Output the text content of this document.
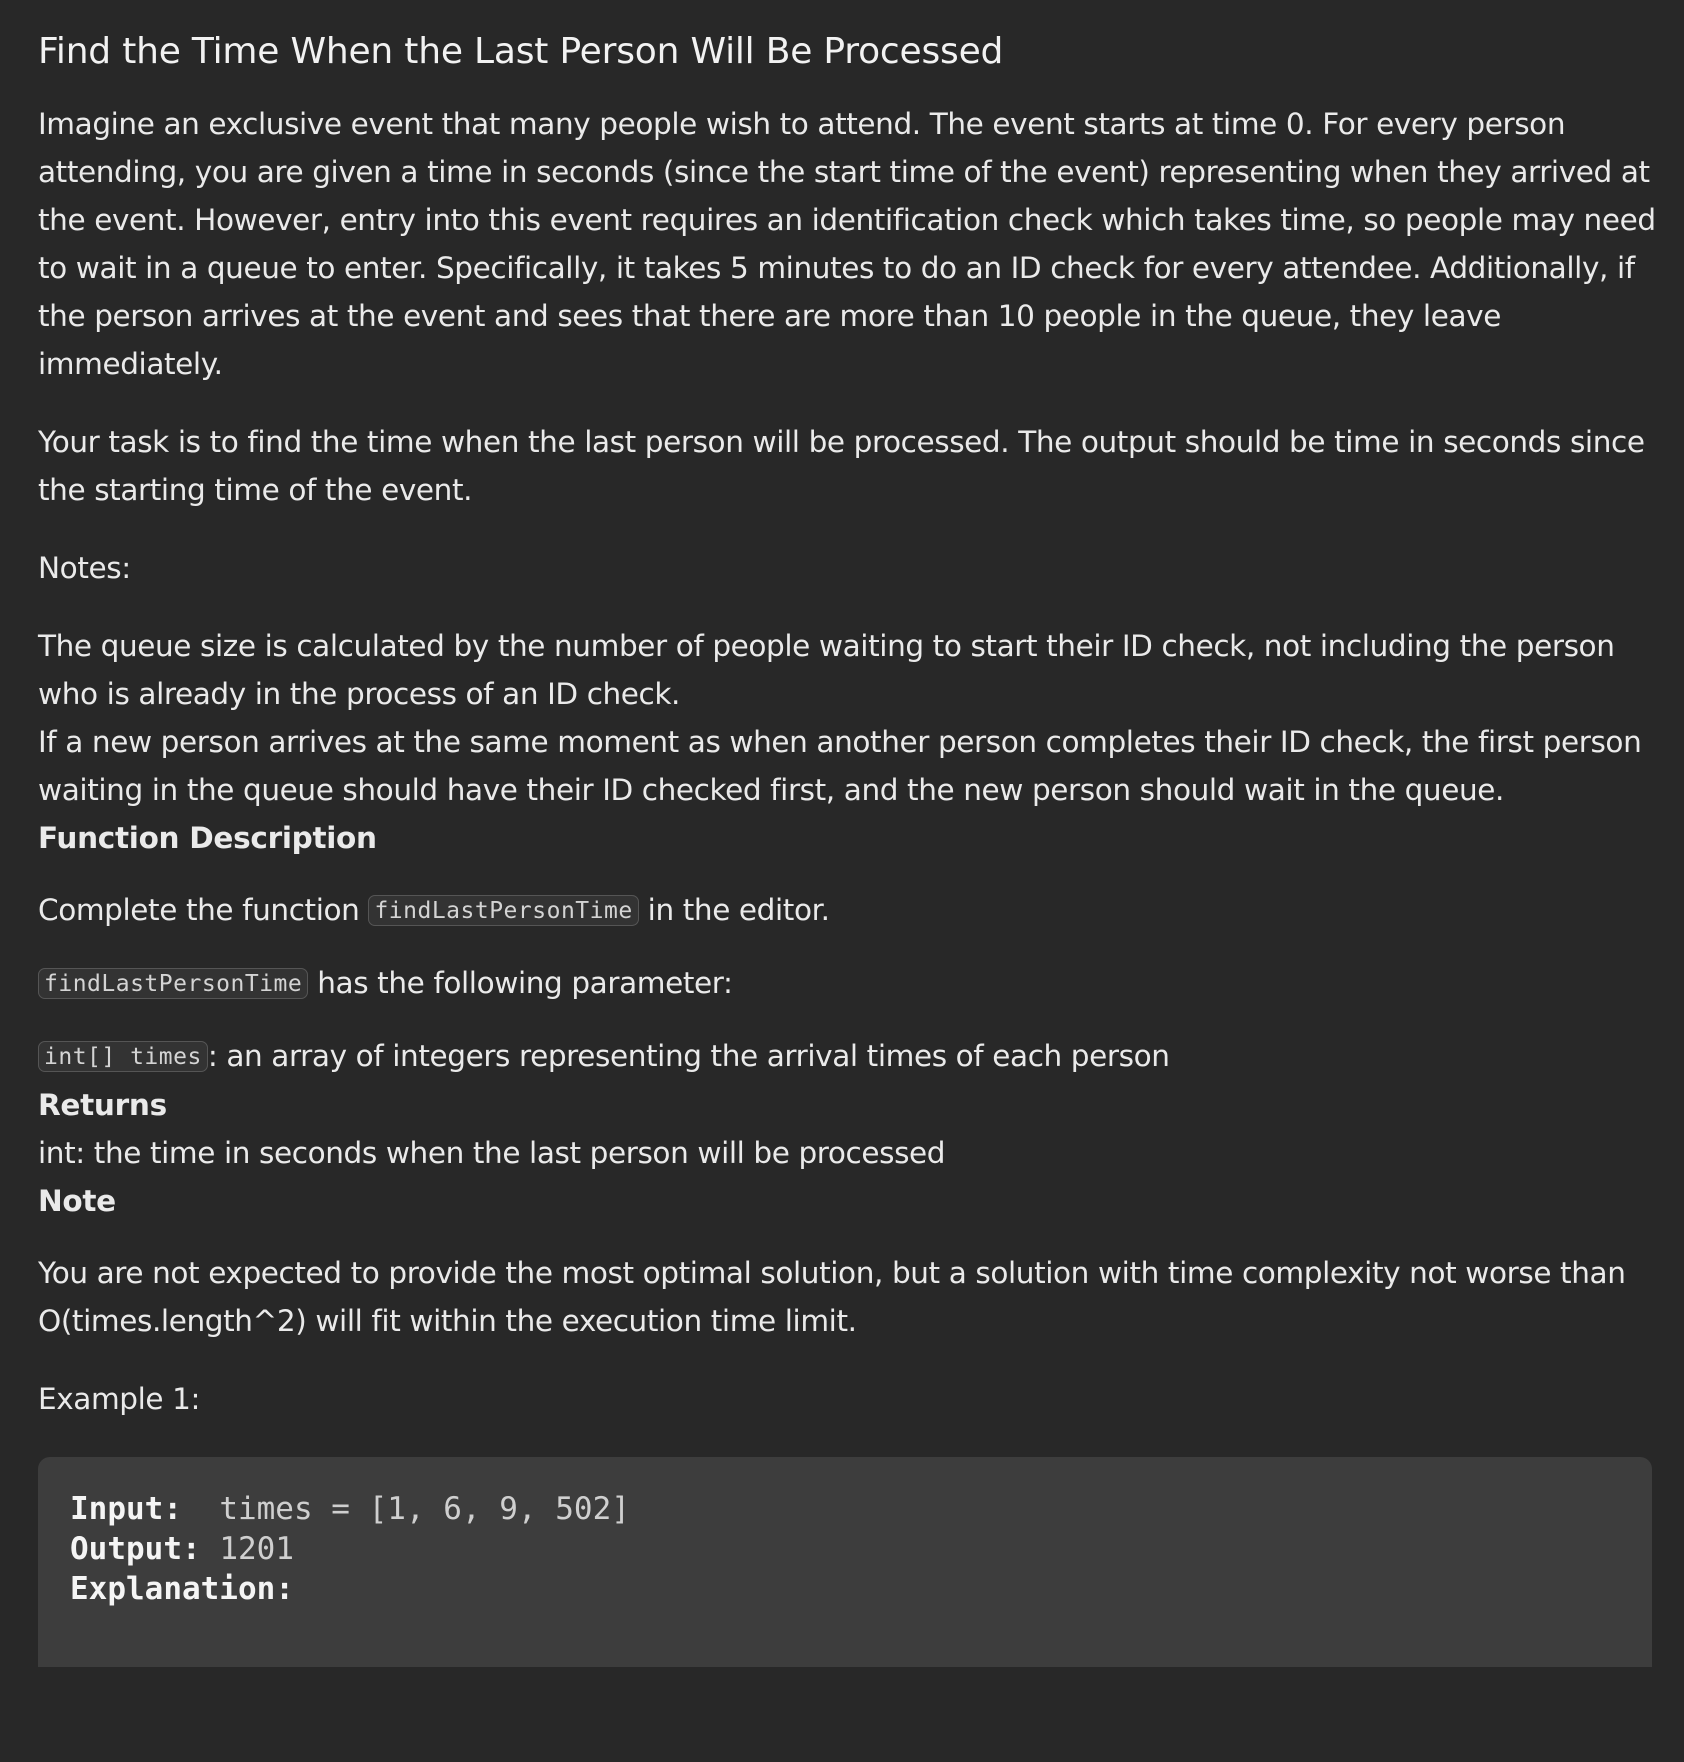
Find the Time When the Last Person Will Be Processed

Imagine an exclusive event that many people wish to attend. The event starts at time 0. For every person attending, you are given a time in seconds (since the start time of the event) representing when they arrived at the event. However, entry into this event requires an identification check which takes time, so people may need to wait in a queue to enter. Specifically, it takes 5 minutes to do an ID check for every attendee. Additionally, if the person arrives at the event and sees that there are more than 10 people in the queue, they leave immediately.

Your task is to find the time when the last person will be processed. The output should be time in seconds since the starting time of the event.

Notes:

The queue size is calculated by the number of people waiting to start their ID check, not including the person who is already in the process of an ID check.

If a new person arrives at the same moment as when another person completes their ID check, the first person waiting in the queue should have their ID checked first, and the new person should wait in the queue.

Function Description

Complete the function findLastPersonTime in the editor.

findLastPersonTime has the following parameter:

int[] times : an array of integers representing the arrival times of each person

Returns

int: the time in seconds when the last person will be processed

Note

You are not expected to provide the most optimal solution, but a solution with time complexity not worse than O(times.length^2) will fit within the execution time limit.

Example 1:

Input: times = [1, 6, 9, 502]
Output: 1201
Explanation:
